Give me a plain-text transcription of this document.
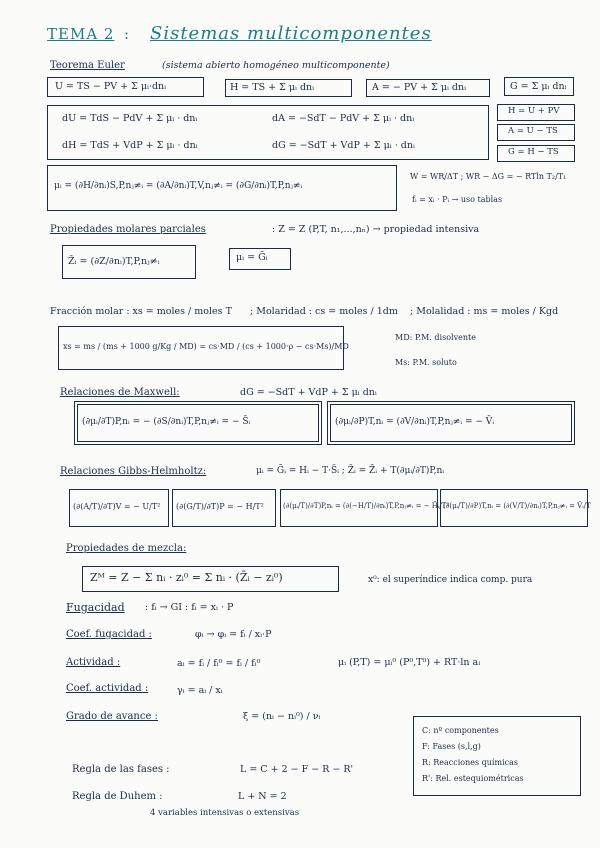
TEMA 2 : Sistemas multicomponentes
Teorema Euler	(sistema abierto homogéneo multicomponente)
U = TS − PV + Σ μᵢ·dnᵢ	H = TS + Σ μᵢ dnᵢ	A = − PV + Σ μᵢ dnᵢ	G = Σ μᵢ dnᵢ
dU = TdS − PdV + Σ μᵢ · dnᵢ	dA = −SdT − PdV + Σ μᵢ · dnᵢ
dH = TdS + VdP + Σ μᵢ · dnᵢ	dG = −SdT + VdP + Σ μᵢ · dnᵢ
H = U + PV
A = U − TS
G = H − TS
μᵢ = (∂H/∂nᵢ)S,P,nⱼ≠ᵢ = (∂A/∂nᵢ)T,V,nⱼ≠ᵢ = (∂G/∂nᵢ)T,P,nⱼ≠ᵢ
W = WR/ΔT ; WR − ΔG = − RTln T₂/T₁
fᵢ = xᵢ · Pᵢ → uso tablas
Propiedades molares parciales	: Z = Z (P,T, n₁,...,nₙ) → propiedad intensiva
Z̄ᵢ = (∂Z/∂nᵢ)T,P,nⱼ≠ᵢ	μᵢ = Ḡᵢ
Fracción molar : xs = moles / moles T ; Molaridad : cs = moles / 1dm ; Molalidad : ms = moles / Kgd
xs = ms / (ms + 1000 g/Kg / MD) = cs·MD / (cs + 1000·ρ − cs·Ms)/MD
MD: P.M. disolvente
Ms: P.M. soluto
Relaciones de Maxwell:	dG = −SdT + VdP + Σ μᵢ dnᵢ
(∂μᵢ/∂T)P,nᵢ = − (∂S/∂nᵢ)T,P,nⱼ≠ᵢ = − S̄ᵢ	(∂μᵢ/∂P)T,nᵢ = (∂V/∂nᵢ)T,P,nⱼ≠ᵢ = − V̄ᵢ
Relaciones Gibbs-Helmholtz:	μᵢ = Ḡᵢ = Hᵢ − T·S̄ᵢ ; Z̄ᵢ = Z̄ᵢ + T(∂μᵢ/∂T)P,nᵢ
(∂(A/T)/∂T)V = − U/T² (∂(G/T)/∂T)P = − H/T²	(∂(μᵢ/T)/∂T)P,nᵢ = (∂(−H/T)/∂nᵢ)T,P,nⱼ≠ᵢ = − H̄ᵢ/T²
(∂(μᵢ/T)/∂P)T,nᵢ = (∂(V/T)/∂nᵢ)T,P,nⱼ≠ᵢ = V̄ᵢ/T
Propiedades de mezcla:
Zᴹ = Z − Σ nᵢ · zᵢ⁰ = Σ nᵢ · (Z̄ᵢ − zᵢ⁰)	x⁰: el superíndice indica comp. pura
Fugacidad : fᵢ → GI : fᵢ = xᵢ · P
Coef. fugacidad :	φᵢ → φᵢ = fᵢ / xᵢ·P
Actividad :	aᵢ = fᵢ / fᵢ⁰ = fᵢ / fᵢ⁰
Coef. actividad :	γᵢ = aᵢ / xᵢ
Grado de avance :	ξ = (nᵢ − nᵢ⁰) / νᵢ
μᵢ (P,T) = μᵢ⁰ (P⁰,T⁰) + RT·ln aᵢ
C: nº componentes
F: Fases (s,l,g)
R: Reacciones químicas
R': Rel. estequiométricas
Regla de las fases :	L = C + 2 − F − R − R'
Regla de Duhem :	L + N = 2
4 variables intensivas o extensivas
